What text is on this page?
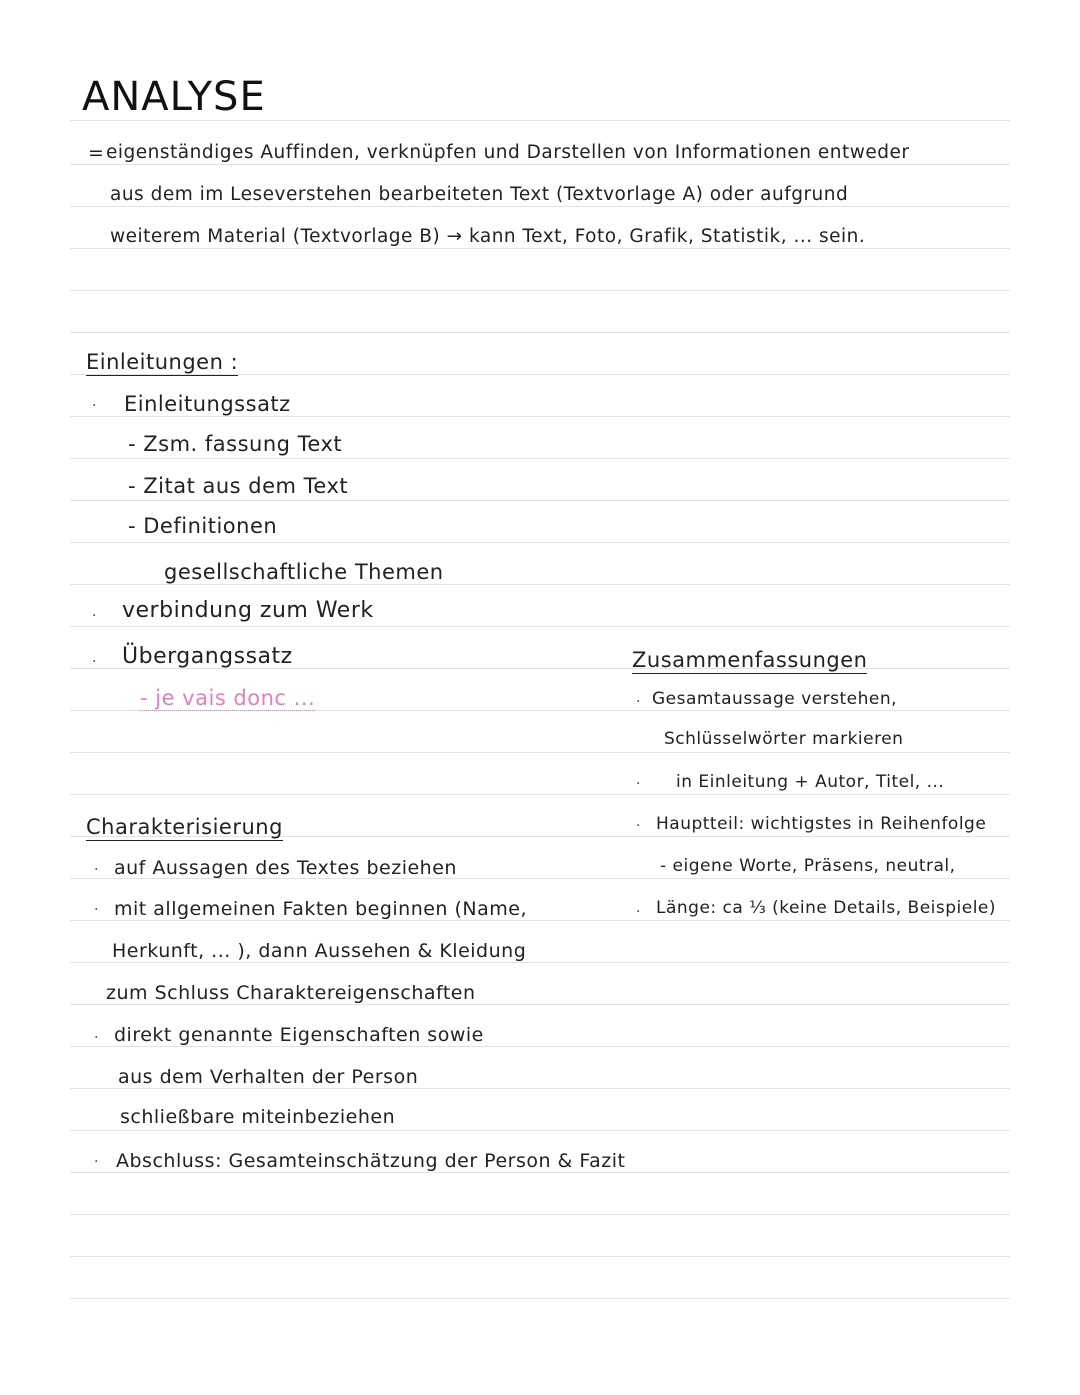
ANALYSE
= eigenständiges Auffinden, verknüpfen und Darstellen von Informationen entweder
aus dem im Leseverstehen bearbeiteten Text (Textvorlage A) oder aufgrund
weiterem Material (Textvorlage B) → kann Text, Foto, Grafik, Statistik, ... sein.
Einleitungen :
· Einleitungssatz
- Zsm. fassung Text
- Zitat aus dem Text
- Definitionen
gesellschaftliche Themen
· verbindung zum Werk
· Übergangssatz
- je vais donc ...
Charakterisierung
· auf Aussagen des Textes beziehen
· mit allgemeinen Fakten beginnen (Name,
Herkunft, ... ), dann Aussehen & Kleidung
zum Schluss Charaktereigenschaften
· direkt genannte Eigenschaften sowie
aus dem Verhalten der Person
schließbare miteinbeziehen
· Abschluss: Gesamteinschätzung der Person & Fazit
Zusammenfassungen
· Gesamtaussage verstehen,
Schlüsselwörter markieren
· in Einleitung + Autor, Titel, ...
· Hauptteil: wichtigstes in Reihenfolge
- eigene Worte, Präsens, neutral,
· Länge: ca ⅓ (keine Details, Beispiele)
